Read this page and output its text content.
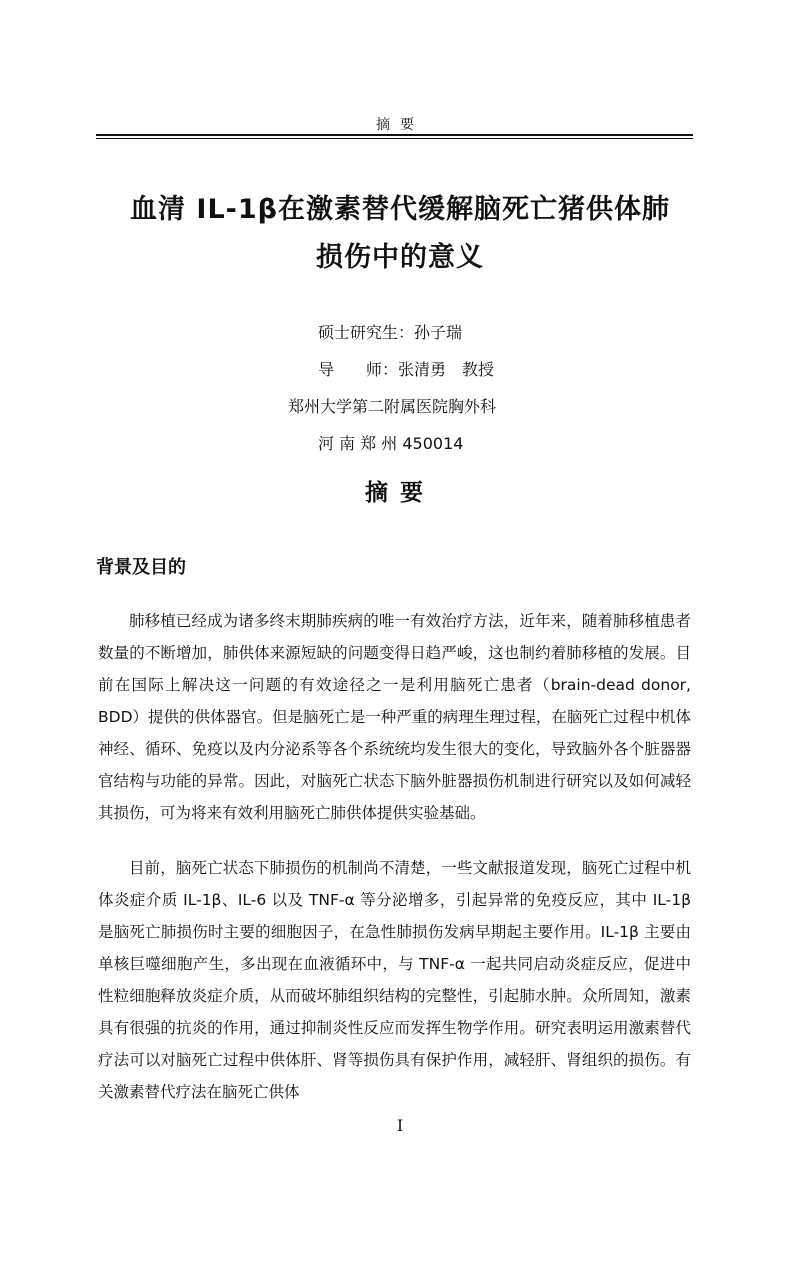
摘要
血清 IL-1β在激素替代缓解脑死亡猪供体肺
损伤中的意义
硕士研究生：孙子瑞
导　　师：张清勇　教授
郑州大学第二附属医院胸外科
河 南 郑 州 450014
摘要
背景及目的

肺移植已经成为诸多终末期肺疾病的唯一有效治疗方法，近年来，随着肺移植患者数量的不断增加，肺供体来源短缺的问题变得日趋严峻，这也制约着肺移植的发展。目前在国际上解决这一问题的有效途径之一是利用脑死亡患者（brain-dead donor, BDD）提供的供体器官。但是脑死亡是一种严重的病理生理过程，在脑死亡过程中机体神经、循环、免疫以及内分泌系等各个系统统均发生很大的变化，导致脑外各个脏器器官结构与功能的异常。因此，对脑死亡状态下脑外脏器损伤机制进行研究以及如何减轻其损伤，可为将来有效利用脑死亡肺供体提供实验基础。

目前，脑死亡状态下肺损伤的机制尚不清楚，一些文献报道发现，脑死亡过程中机体炎症介质 IL-1β、IL-6 以及 TNF-α 等分泌增多，引起异常的免疫反应，其中 IL-1β 是脑死亡肺损伤时主要的细胞因子，在急性肺损伤发病早期起主要作用。IL-1β 主要由单核巨噬细胞产生，多出现在血液循环中，与 TNF-α 一起共同启动炎症反应，促进中性粒细胞释放炎症介质，从而破坏肺组织结构的完整性，引起肺水肿。众所周知，激素具有很强的抗炎的作用，通过抑制炎性反应而发挥生物学作用。研究表明运用激素替代疗法可以对脑死亡过程中供体肝、肾等损伤具有保护作用，减轻肝、肾组织的损伤。有关激素替代疗法在脑死亡供体

I
